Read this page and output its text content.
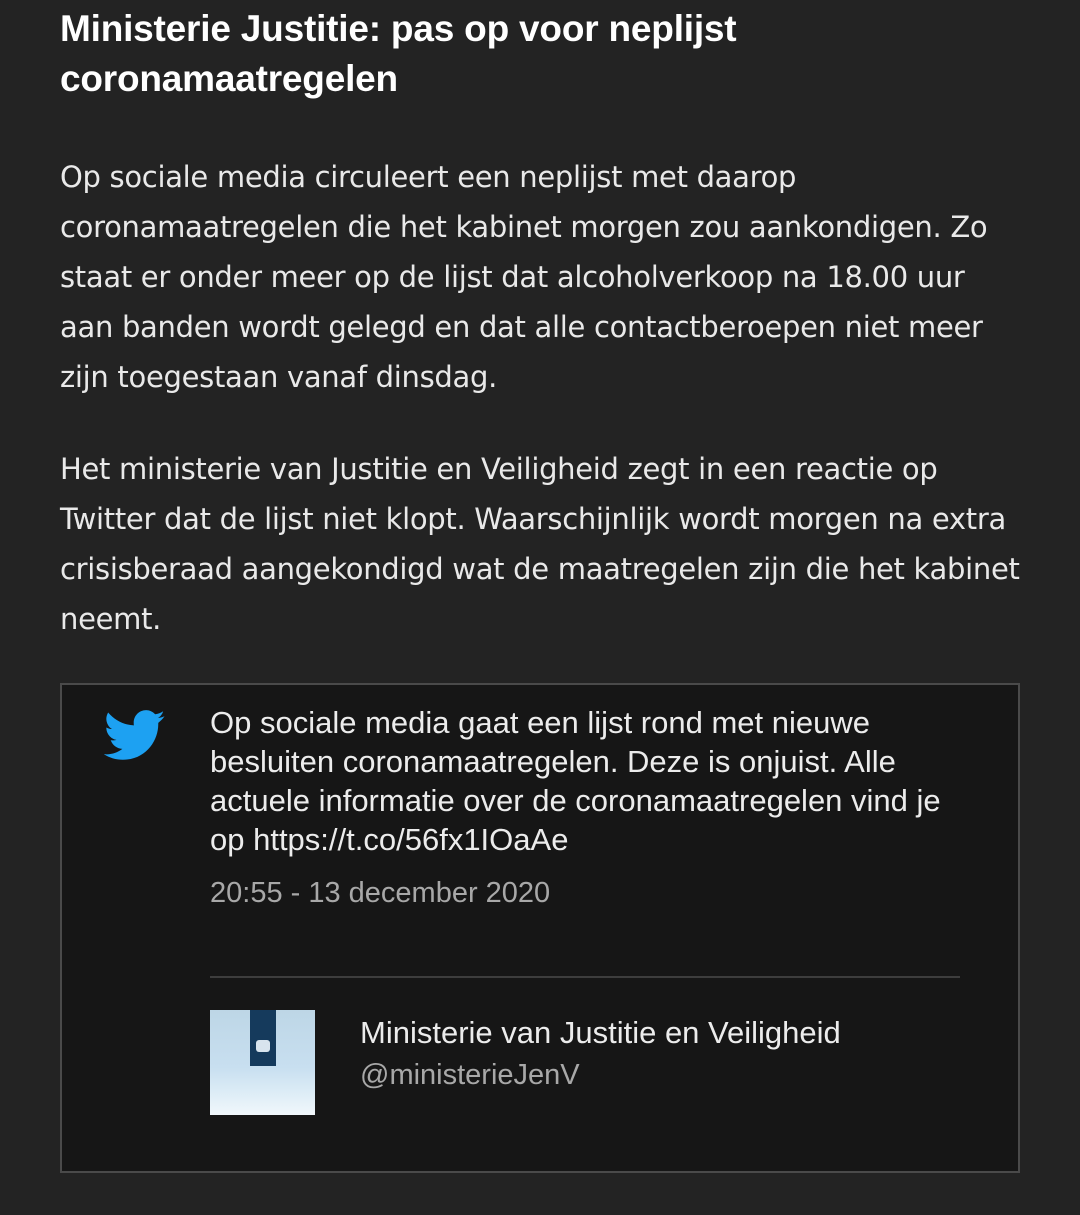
Ministerie Justitie: pas op voor neplijst coronamaatregelen

Op sociale media circuleert een neplijst met daarop coronamaatregelen die het kabinet morgen zou aankondigen. Zo staat er onder meer op de lijst dat alcoholverkoop na 18.00 uur aan banden wordt gelegd en dat alle contactberoepen niet meer zijn toegestaan vanaf dinsdag.

Het ministerie van Justitie en Veiligheid zegt in een reactie op Twitter dat de lijst niet klopt. Waarschijnlijk wordt morgen na extra crisisberaad aangekondigd wat de maatregelen zijn die het kabinet neemt.

Op sociale media gaat een lijst rond met nieuwe besluiten coronamaatregelen. Deze is onjuist. Alle actuele informatie over de coronamaatregelen vind je op https://t.co/56fx1IOaAe

20:55 - 13 december 2020
Ministerie van Justitie en Veiligheid
@ministerieJenV
